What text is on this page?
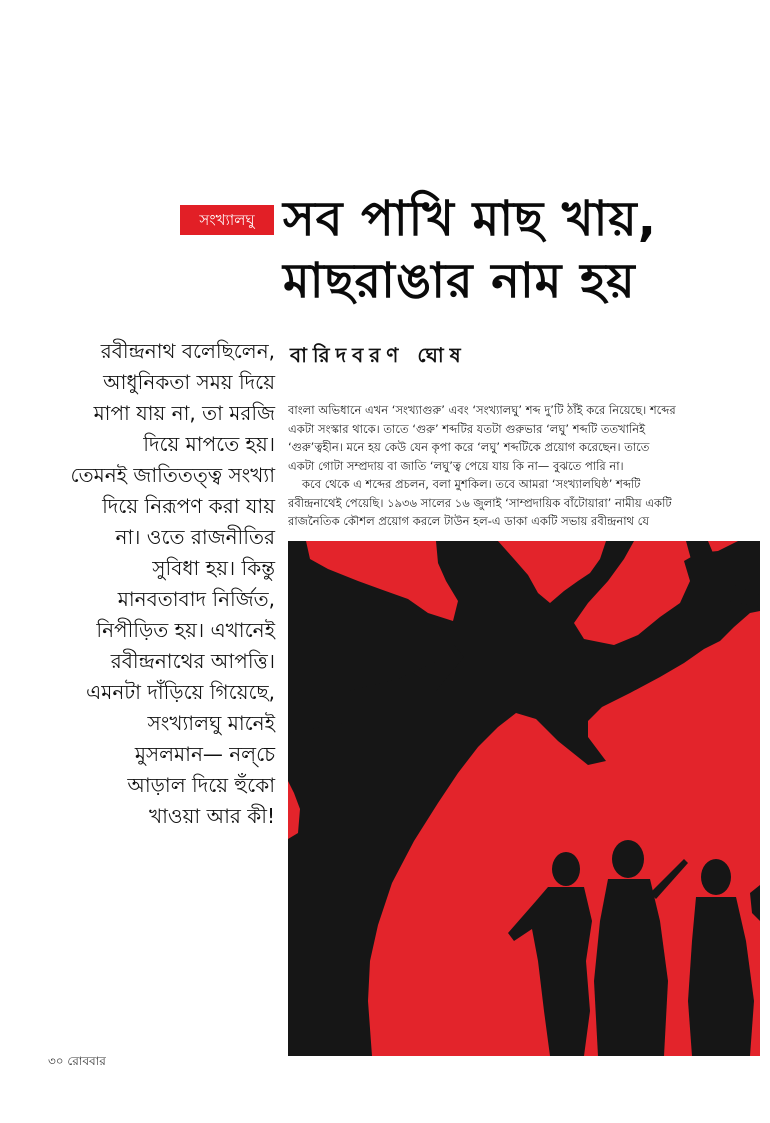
সংখ্যালঘু সব পাখি মাছ খায়,
মাছরাঙার নাম হয়
বারিদবরণ ঘোষ
রবীন্দ্রনাথ বলেছিলেন,
আধুনিকতা সময় দিয়ে
মাপা যায় না, তা মরজি
দিয়ে মাপতে হয়।
তেমনই জাতিতত্ত্ব সংখ্যা
দিয়ে নিরূপণ করা যায়
না। ওতে রাজনীতির
সুবিধা হয়। কিন্তু
মানবতাবাদ নির্জিত,
নিপীড়িত হয়। এখানেই
রবীন্দ্রনাথের আপত্তি।
এমনটা দাঁড়িয়ে গিয়েছে,
সংখ্যালঘু মানেই
মুসলমান— নল্‌চে
আড়াল দিয়ে হুঁকো
খাওয়া আর কী!
বাংলা অভিধানে এখন ‘সংখ্যাগুরু’ এবং ‘সংখ্যালঘু’ শব্দ দু’টি ঠাঁই করে নিয়েছে। শব্দের
একটা সংস্কার থাকে। তাতে ‘গুরু’ শব্দটির যতটা গুরুভার ‘লঘু’ শব্দটি ততখানিই
‘গুরু’ত্বহীন। মনে হয় কেউ যেন কৃপা করে ‘লঘু’ শব্দটিকে প্রয়োগ করেছেন। তাতে
একটা গোটা সম্প্রদায় বা জাতি ‘লঘু’ত্ব পেয়ে যায় কি না— বুঝতে পারি না।
কবে থেকে এ শব্দের প্রচলন, বলা মুশকিল। তবে আমরা ‘সংখ্যালঘিষ্ঠ’ শব্দটি
রবীন্দ্রনাথেই পেয়েছি। ১৯৩৬ সালের ১৬ জুলাই ‘সাম্প্রদায়িক বাঁটোয়ারা’ নামীয় একটি
রাজনৈতিক কৌশল প্রয়োগ করলে টাউন হল-এ ডাকা একটি সভায় রবীন্দ্রনাথ যে
৩০ রোববার
